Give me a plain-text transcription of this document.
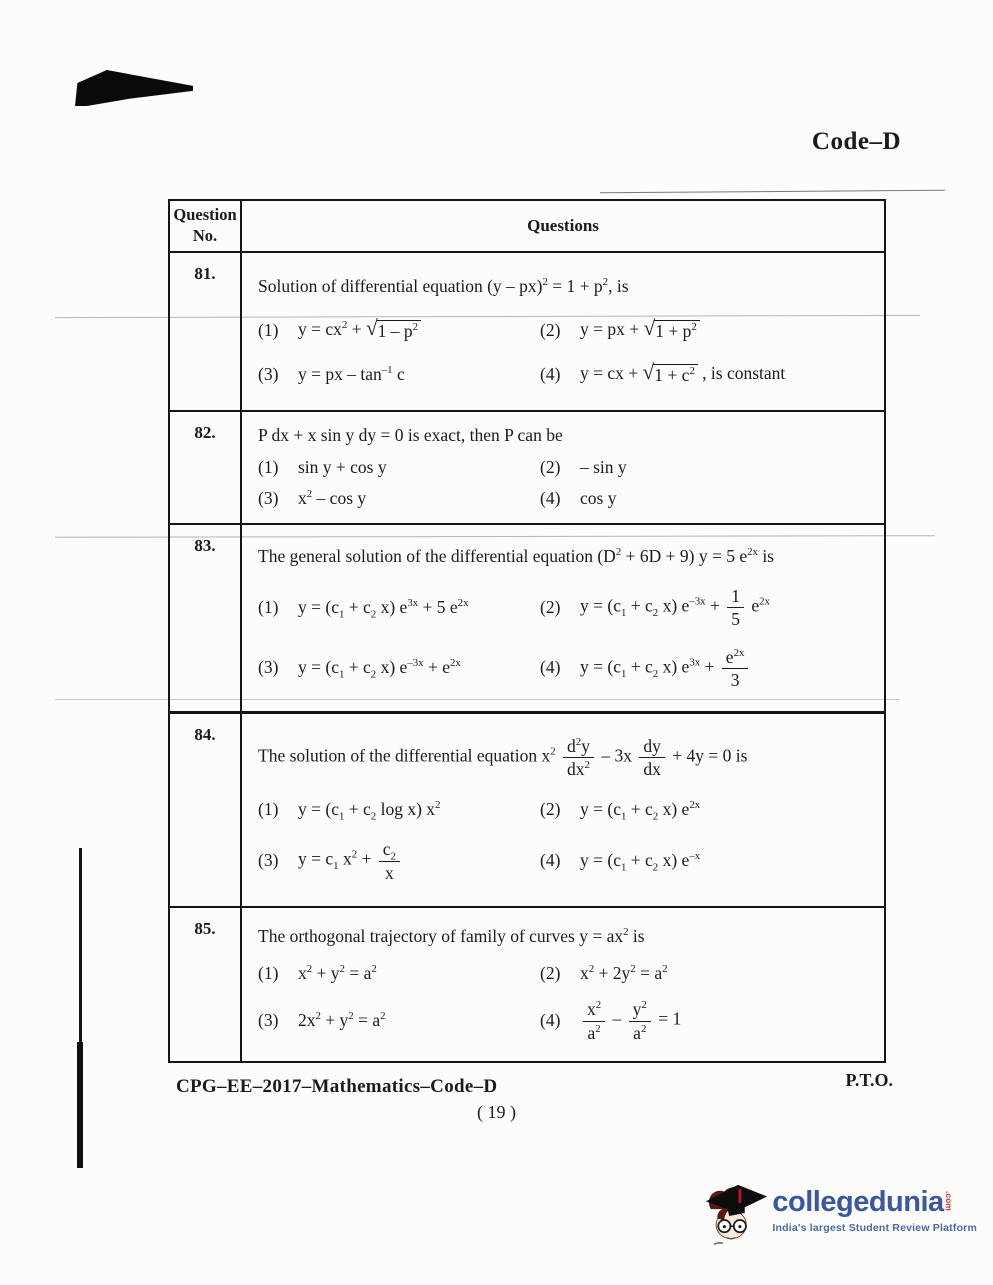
Code–D
Question No.
Questions
81.
Solution of differential equation $(y - px)^2 = 1 + p^2$, is
(1)	$y = cx^2$ + √ $1 - p^2$	(2)	y = px + √ $1 + p^2$
(3)	y = px – $\tan^{-1} c$	(4)	y = cx + √ $1 + c^2$ , is constant
82.	P dx + x sin y dy = 0 is exact, then P can be
(1)	sin y + cos y	(2)	– sin y
(3)	$x^2$ – cos y	(4)	cos y
83.
The general solution of the differential equation $(D^2 + 6D + 9) y = 5$ $e^{2x}$ is
(1)	$y = (c_1 + c_2$ x) $e^{3x} + 5$ $e^{2x}$	(2)	$y = (c_1 + c_2$ x) $e^{-3x} + \frac{1}{5} e^{2x}$
(3)	$y = (c_1 + c_2$ x) $e^{-3x} + e^{2x}$	(4)	$y = (c_1 + c_2$ x) $e^{3x} + \frac{e^{2x}}{3}$
84.
The solution of the differential equation $x^2 \frac{d^2y}{dx^2} - 3x \frac{dy}{dx} + 4y = 0$ is
(1)	$y = (c_1 + c_2$ log x) $x^2$	(2)	$y = (c_1 + c_2$ x) $e^{2x}$
(3)	$y = c_1$ $x^2 + \frac{c_2}{x}$	(4)	$y = (c_1 + c_2$ x) $e^{-x}$
85.	The orthogonal trajectory of family of curves $y = ax^2$ is
(1)	$x^2 + y^2 = a^2$	(2)	$x^2 + 2y^2 = a^2$
(3)	$2x^2 + y^2 = a^2$	(4)	$\frac{x^2}{a^2} - \frac{y^2}{a^2} = 1$
CPG–EE–2017–Mathematics–Code–D	P.T.O.
( 19 )
collegedunia .com
India's largest Student Review Platform
